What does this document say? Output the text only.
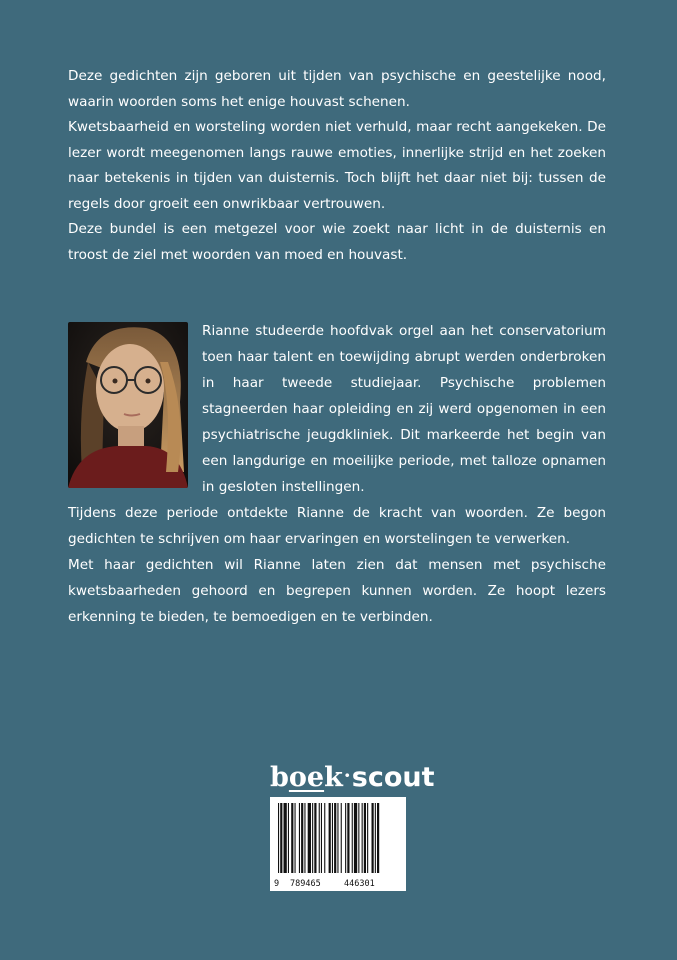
Deze gedichten zijn geboren uit tijden van psychische en geestelijke nood, waarin woorden soms het enige houvast schenen.

Kwetsbaarheid en worsteling worden niet verhuld, maar recht aangekeken. De lezer wordt meegenomen langs rauwe emoties, innerlijke strijd en het zoeken naar betekenis in tijden van duisternis. Toch blijft het daar niet bij: tussen de regels door groeit een onwrikbaar vertrouwen.

Deze bundel is een metgezel voor wie zoekt naar licht in de duisternis en troost de ziel met woorden van moed en houvast.

Rianne studeerde hoofdvak orgel aan het conservatorium toen haar talent en toewijding abrupt werden onderbroken in haar tweede studiejaar. Psychische problemen stagneerden haar opleiding en zij werd opgenomen in een psychiatrische jeugdkliniek. Dit markeerde het begin van een langdurige en moeilijke periode, met talloze opnamen in gesloten instellingen.

Tijdens deze periode ontdekte Rianne de kracht van woorden. Ze begon gedichten te schrijven om haar ervaringen en worstelingen te verwerken.

Met haar gedichten wil Rianne laten zien dat mensen met psychische kwetsbaarheden gehoord en begrepen kunnen worden. Ze hoopt lezers erkenning te bieden, te bemoedigen en te verbinden.

boek·scout
9 789465	446301
